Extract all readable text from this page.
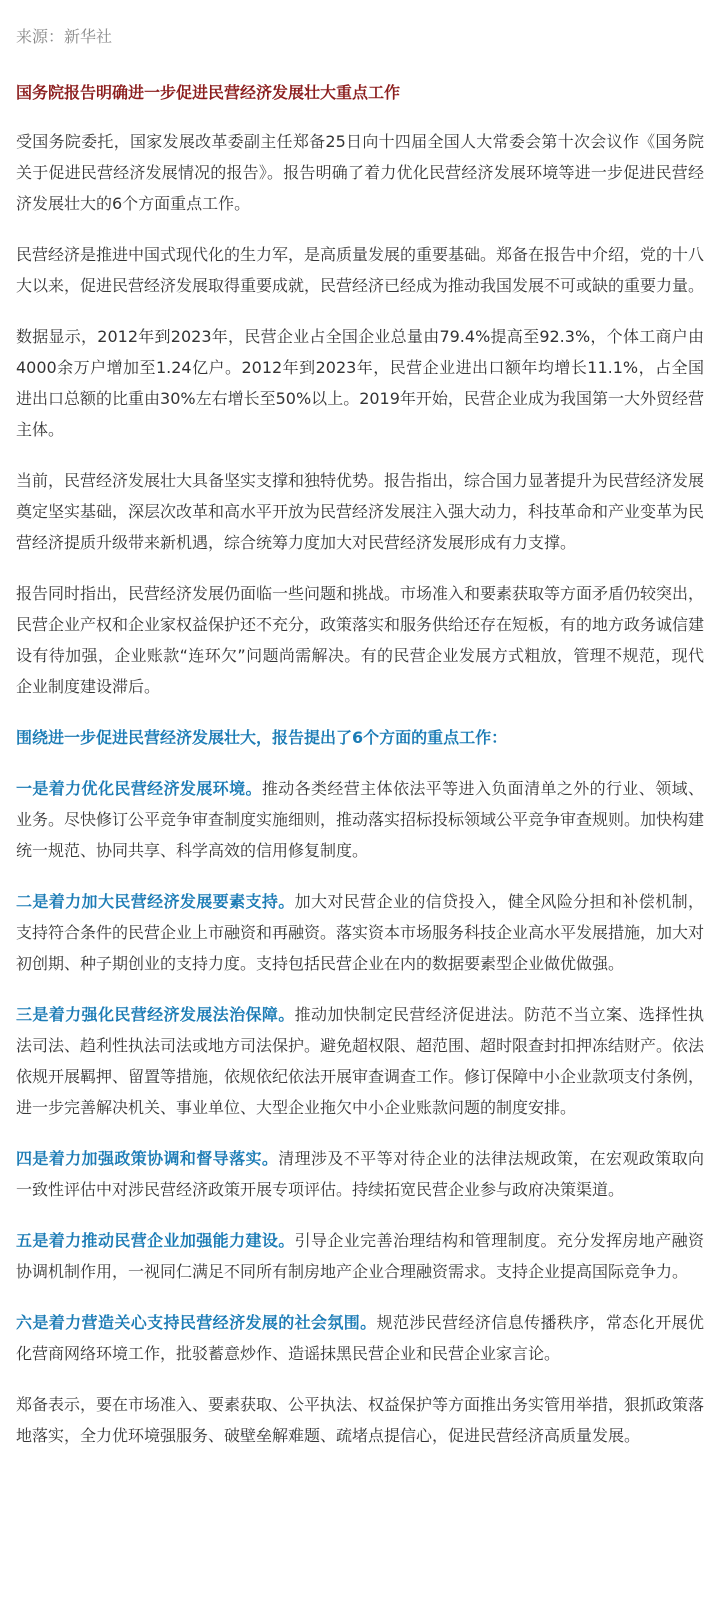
来源：新华社

国务院报告明确进一步促进民营经济发展壮大重点工作

受国务院委托，国家发展改革委副主任郑备25日向十四届全国人大常委会第十次会议作《国务院关于促进民营经济发展情况的报告》。报告明确了着力优化民营经济发展环境等进一步促进民营经济发展壮大的6个方面重点工作。

民营经济是推进中国式现代化的生力军，是高质量发展的重要基础。郑备在报告中介绍，党的十八大以来，促进民营经济发展取得重要成就，民营经济已经成为推动我国发展不可或缺的重要力量。

数据显示，2012年到2023年，民营企业占全国企业总量由79.4%提高至92.3%，个体工商户由4000余万户增加至1.24亿户。2012年到2023年，民营企业进出口额年均增长11.1%，占全国进出口总额的比重由30%左右增长至50%以上。2019年开始，民营企业成为我国第一大外贸经营主体。

当前，民营经济发展壮大具备坚实支撑和独特优势。报告指出，综合国力显著提升为民营经济发展奠定坚实基础，深层次改革和高水平开放为民营经济发展注入强大动力，科技革命和产业变革为民营经济提质升级带来新机遇，综合统筹力度加大对民营经济发展形成有力支撑。

报告同时指出，民营经济发展仍面临一些问题和挑战。市场准入和要素获取等方面矛盾仍较突出，民营企业产权和企业家权益保护还不充分，政策落实和服务供给还存在短板，有的地方政务诚信建设有待加强，企业账款“连环欠”问题尚需解决。有的民营企业发展方式粗放，管理不规范，现代企业制度建设滞后。

围绕进一步促进民营经济发展壮大，报告提出了6个方面的重点工作：

一是着力优化民营经济发展环境。推动各类经营主体依法平等进入负面清单之外的行业、领域、业务。尽快修订公平竞争审查制度实施细则，推动落实招标投标领域公平竞争审查规则。加快构建统一规范、协同共享、科学高效的信用修复制度。

二是着力加大民营经济发展要素支持。加大对民营企业的信贷投入，健全风险分担和补偿机制，支持符合条件的民营企业上市融资和再融资。落实资本市场服务科技企业高水平发展措施，加大对初创期、种子期创业的支持力度。支持包括民营企业在内的数据要素型企业做优做强。

三是着力强化民营经济发展法治保障。推动加快制定民营经济促进法。防范不当立案、选择性执法司法、趋利性执法司法或地方司法保护。避免超权限、超范围、超时限查封扣押冻结财产。依法依规开展羁押、留置等措施，依规依纪依法开展审查调查工作。修订保障中小企业款项支付条例，进一步完善解决机关、事业单位、大型企业拖欠中小企业账款问题的制度安排。

四是着力加强政策协调和督导落实。清理涉及不平等对待企业的法律法规政策，在宏观政策取向一致性评估中对涉民营经济政策开展专项评估。持续拓宽民营企业参与政府决策渠道。

五是着力推动民营企业加强能力建设。引导企业完善治理结构和管理制度。充分发挥房地产融资协调机制作用，一视同仁满足不同所有制房地产企业合理融资需求。支持企业提高国际竞争力。

六是着力营造关心支持民营经济发展的社会氛围。规范涉民营经济信息传播秩序，常态化开展优化营商网络环境工作，批驳蓄意炒作、造谣抹黑民营企业和民营企业家言论。

郑备表示，要在市场准入、要素获取、公平执法、权益保护等方面推出务实管用举措，狠抓政策落地落实，全力优环境强服务、破壁垒解难题、疏堵点提信心，促进民营经济高质量发展。
